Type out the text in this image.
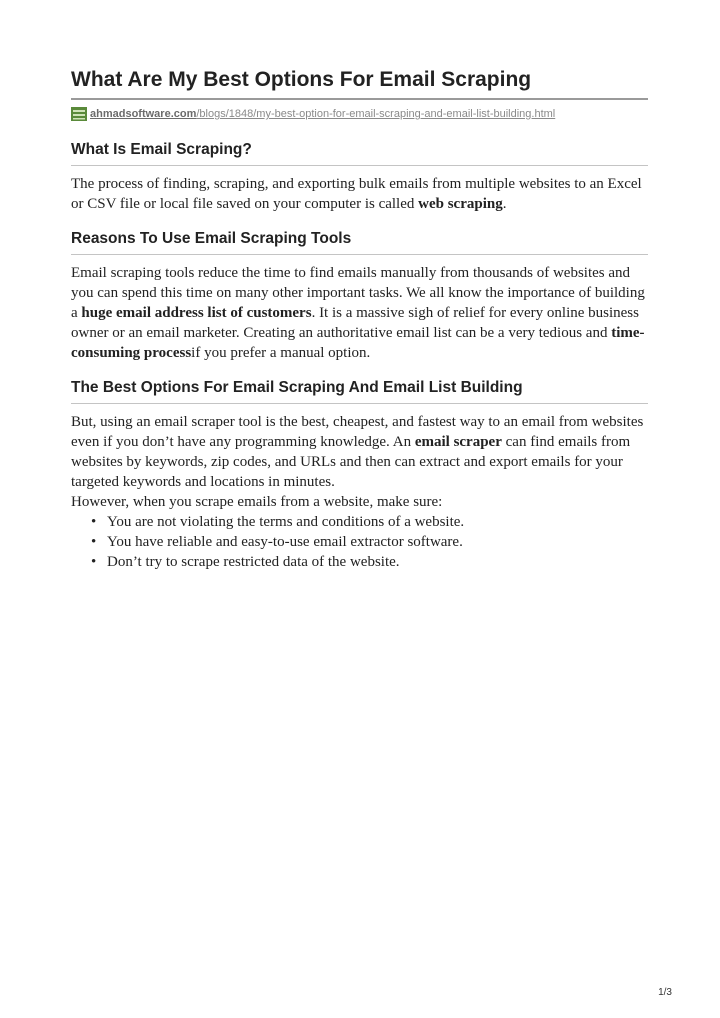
What Are My Best Options For Email Scraping
ahmadsoftware.com /blogs/1848/my-best-option-for-email-scraping-and-email-list-building.html
What Is Email Scraping?

The process of finding, scraping, and exporting bulk emails from multiple websites to an Excel or CSV file or local file saved on your computer is called web scraping.

Reasons To Use Email Scraping Tools

Email scraping tools reduce the time to find emails manually from thousands of websites and you can spend this time on many other important tasks. We all know the importance of building a huge email address list of customers. It is a massive sigh of relief for every online business owner or an email marketer. Creating an authoritative email list can be a very tedious and time-consuming processif you prefer a manual option.

The Best Options For Email Scraping And Email List Building

But, using an email scraper tool is the best, cheapest, and fastest way to an email from websites even if you don’t have any programming knowledge. An email scraper can find emails from websites by keywords, zip codes, and URLs and then can extract and export emails for your targeted keywords and locations in minutes.

However, when you scrape emails from a website, make sure:

• You are not violating the terms and conditions of a website.
• You have reliable and easy-to-use email extractor software.
• Don’t try to scrape restricted data of the website.
1/3
